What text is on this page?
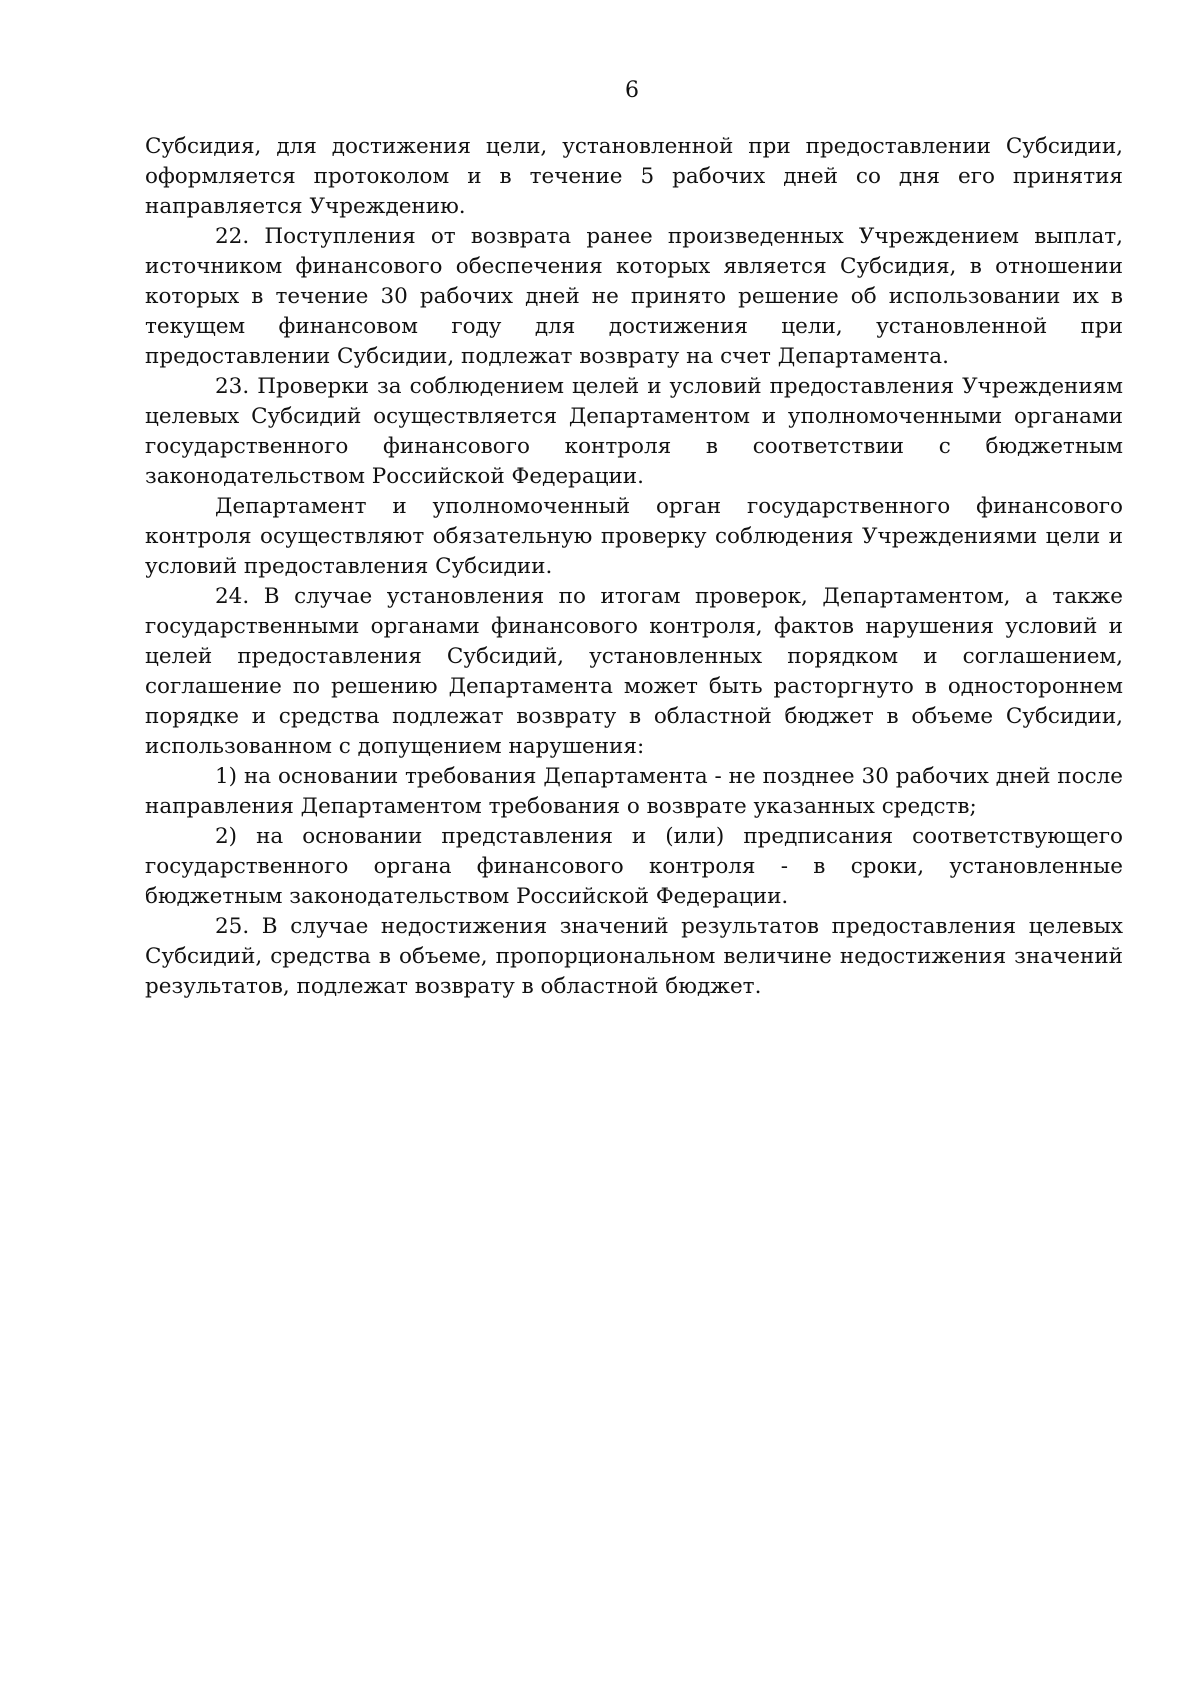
6

Субсидия, для достижения цели, установленной при предоставлении Субсидии, оформляется протоколом и в течение 5 рабочих дней со дня его принятия направляется Учреждению.

22. Поступления от возврата ранее произведенных Учреждением выплат, источником финансового обеспечения которых является Субсидия, в отношении которых в течение 30 рабочих дней не принято решение об использовании их в текущем финансовом году для достижения цели, установленной при предоставлении Субсидии, подлежат возврату на счет Департамента.

23. Проверки за соблюдением целей и условий предоставления Учреждениям целевых Субсидий осуществляется Департаментом и уполномоченными органами государственного финансового контроля в соответствии с бюджетным законодательством Российской Федерации.

Департамент и уполномоченный орган государственного финансового контроля осуществляют обязательную проверку соблюдения Учреждениями цели и условий предоставления Субсидии.

24. В случае установления по итогам проверок, Департаментом, а также государственными органами финансового контроля, фактов нарушения условий и целей предоставления Субсидий, установленных порядком и соглашением, соглашение по решению Департамента может быть расторгнуто в одностороннем порядке и средства подлежат возврату в областной бюджет в объеме Субсидии, использованном с допущением нарушения:

1) на основании требования Департамента - не позднее 30 рабочих дней после направления Департаментом требования о возврате указанных средств;

2) на основании представления и (или) предписания соответствующего государственного органа финансового контроля - в сроки, установленные бюджетным законодательством Российской Федерации.

25. В случае недостижения значений результатов предоставления целевых Субсидий, средства в объеме, пропорциональном величине недостижения значений результатов, подлежат возврату в областной бюджет.
